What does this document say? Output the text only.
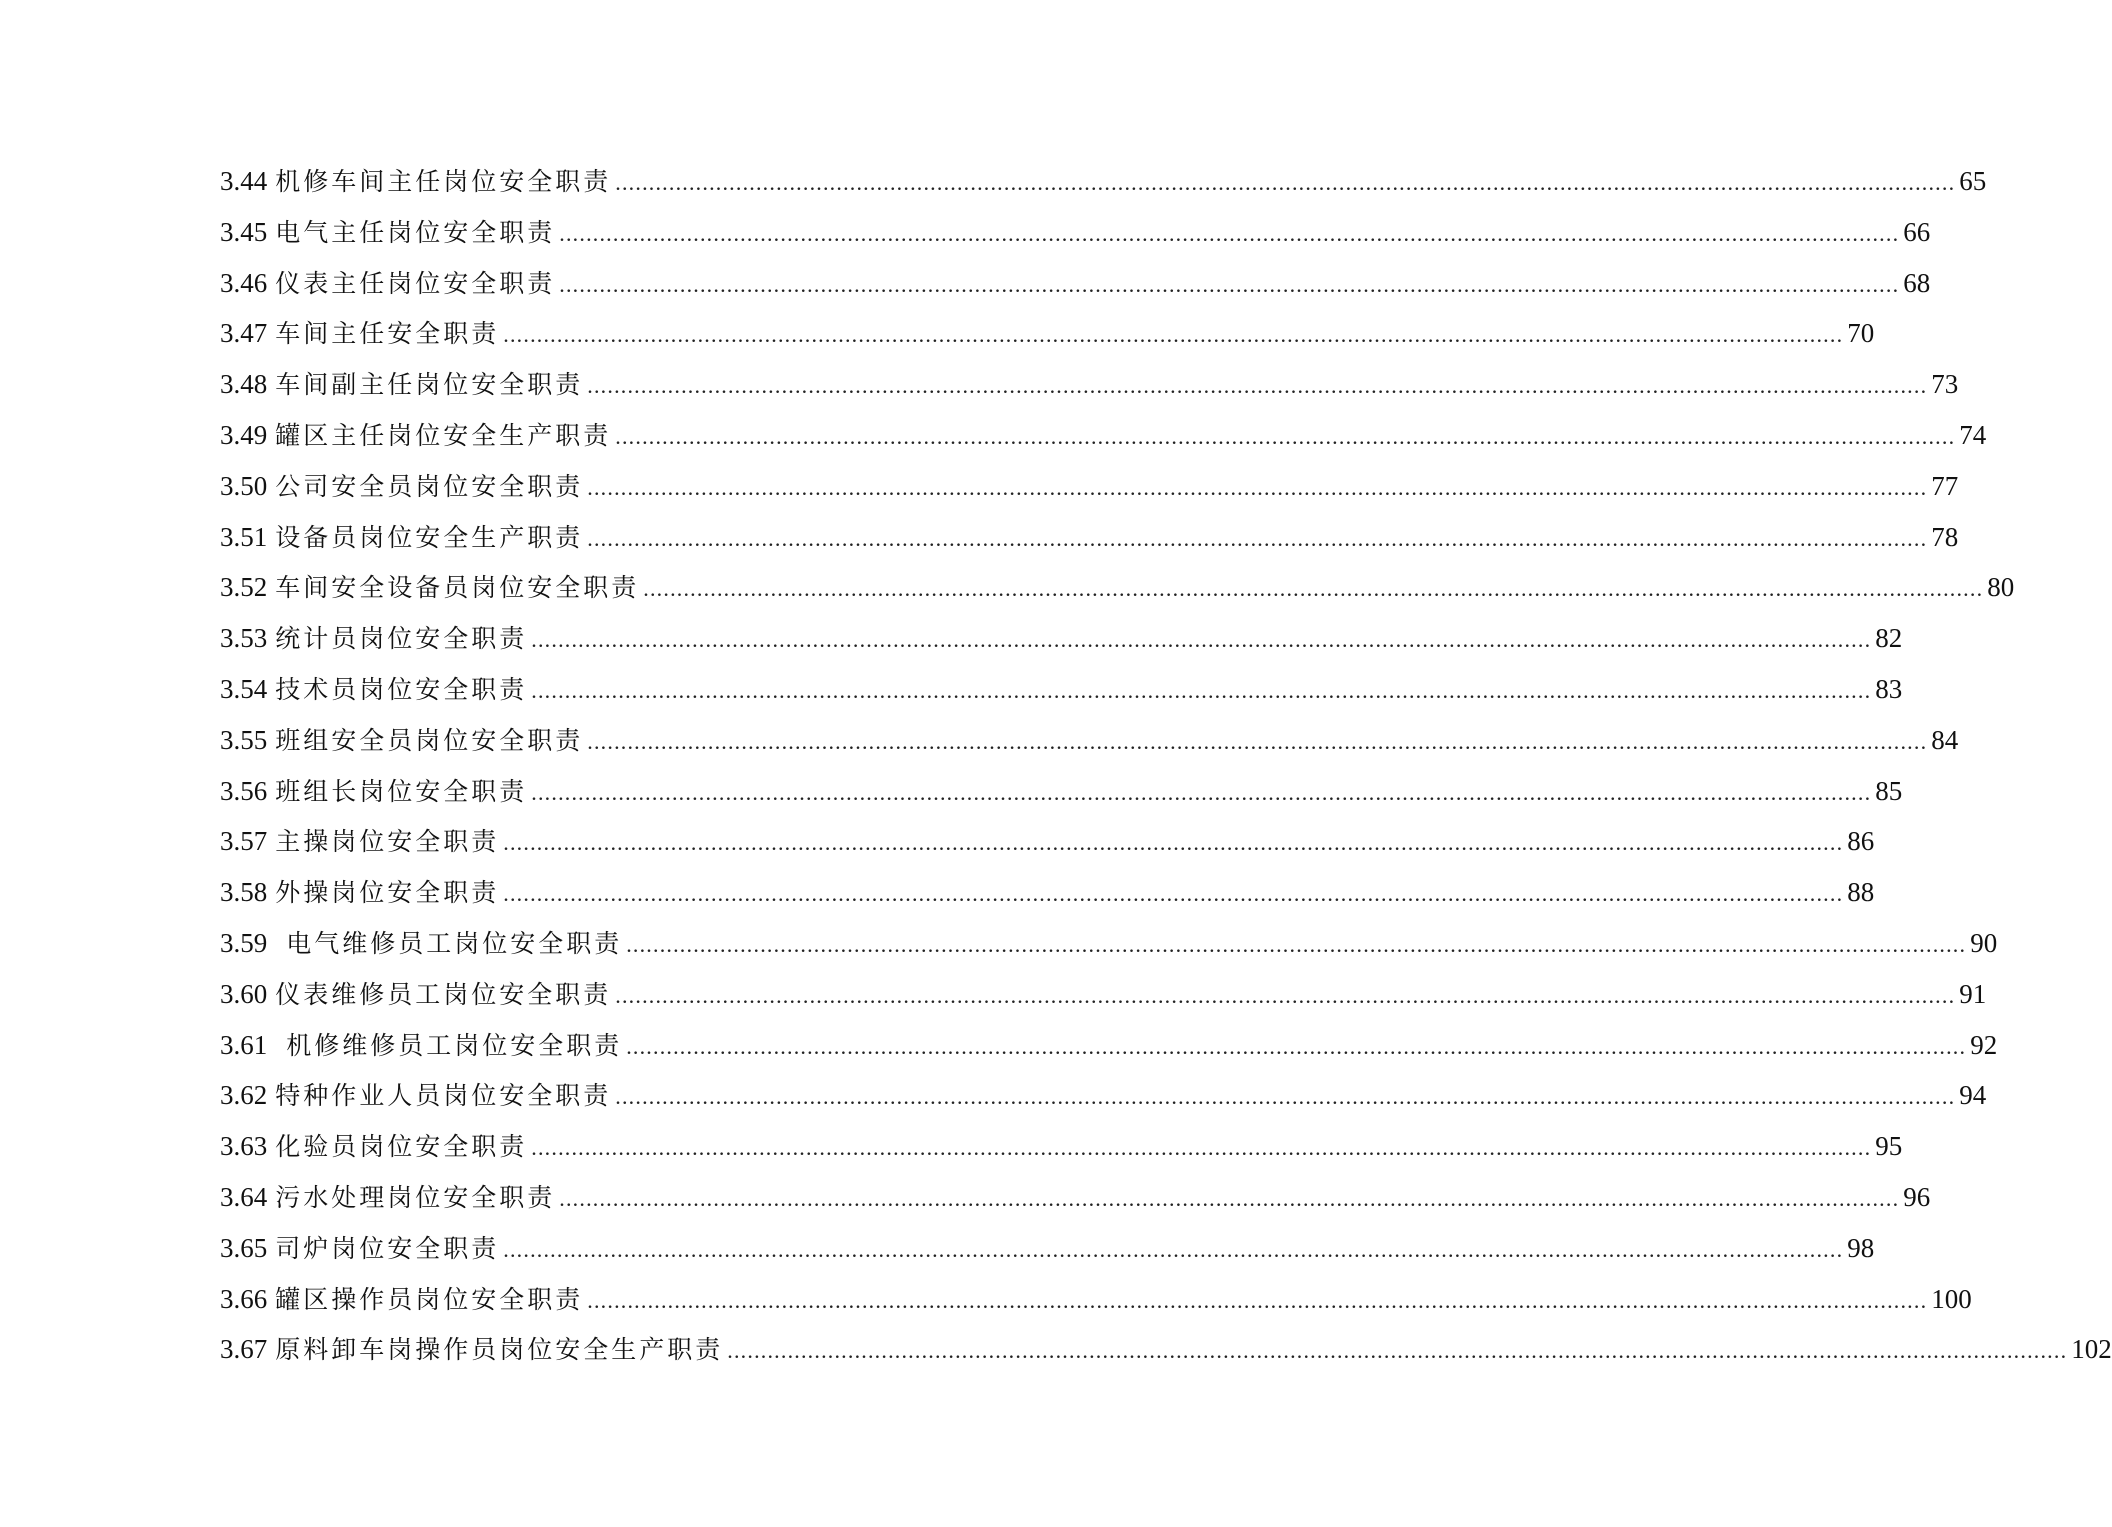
3.44 机修车间主任岗位安全职责 ........................................................................................................................................................................................................ 65
3.45 电气主任岗位安全职责 ........................................................................................................................................................................................................ 66
3.46 仪表主任岗位安全职责 ........................................................................................................................................................................................................ 68
3.47 车间主任安全职责 ........................................................................................................................................................................................................ 70
3.48 车间副主任岗位安全职责 ........................................................................................................................................................................................................ 73
3.49 罐区主任岗位安全生产职责 ........................................................................................................................................................................................................ 74
3.50 公司安全员岗位安全职责 ........................................................................................................................................................................................................ 77
3.51 设备员岗位安全生产职责 ........................................................................................................................................................................................................ 78
3.52 车间安全设备员岗位安全职责 ........................................................................................................................................................................................................ 80
3.53 统计员岗位安全职责 ........................................................................................................................................................................................................ 82
3.54 技术员岗位安全职责 ........................................................................................................................................................................................................ 83
3.55 班组安全员岗位安全职责 ........................................................................................................................................................................................................ 84
3.56 班组长岗位安全职责 ........................................................................................................................................................................................................ 85
3.57 主操岗位安全职责 ........................................................................................................................................................................................................ 86
3.58 外操岗位安全职责 ........................................................................................................................................................................................................ 88
3.59 电气维修员工岗位安全职责 ........................................................................................................................................................................................................ 90
3.60 仪表维修员工岗位安全职责 ........................................................................................................................................................................................................ 91
3.61 机修维修员工岗位安全职责 ........................................................................................................................................................................................................ 92
3.62 特种作业人员岗位安全职责 ........................................................................................................................................................................................................ 94
3.63 化验员岗位安全职责 ........................................................................................................................................................................................................ 95
3.64 污水处理岗位安全职责 ........................................................................................................................................................................................................ 96
3.65 司炉岗位安全职责 ........................................................................................................................................................................................................ 98
3.66 罐区操作员岗位安全职责 ........................................................................................................................................................................................................ 100
3.67 原料卸车岗操作员岗位安全生产职责 ........................................................................................................................................................................................................ 102
